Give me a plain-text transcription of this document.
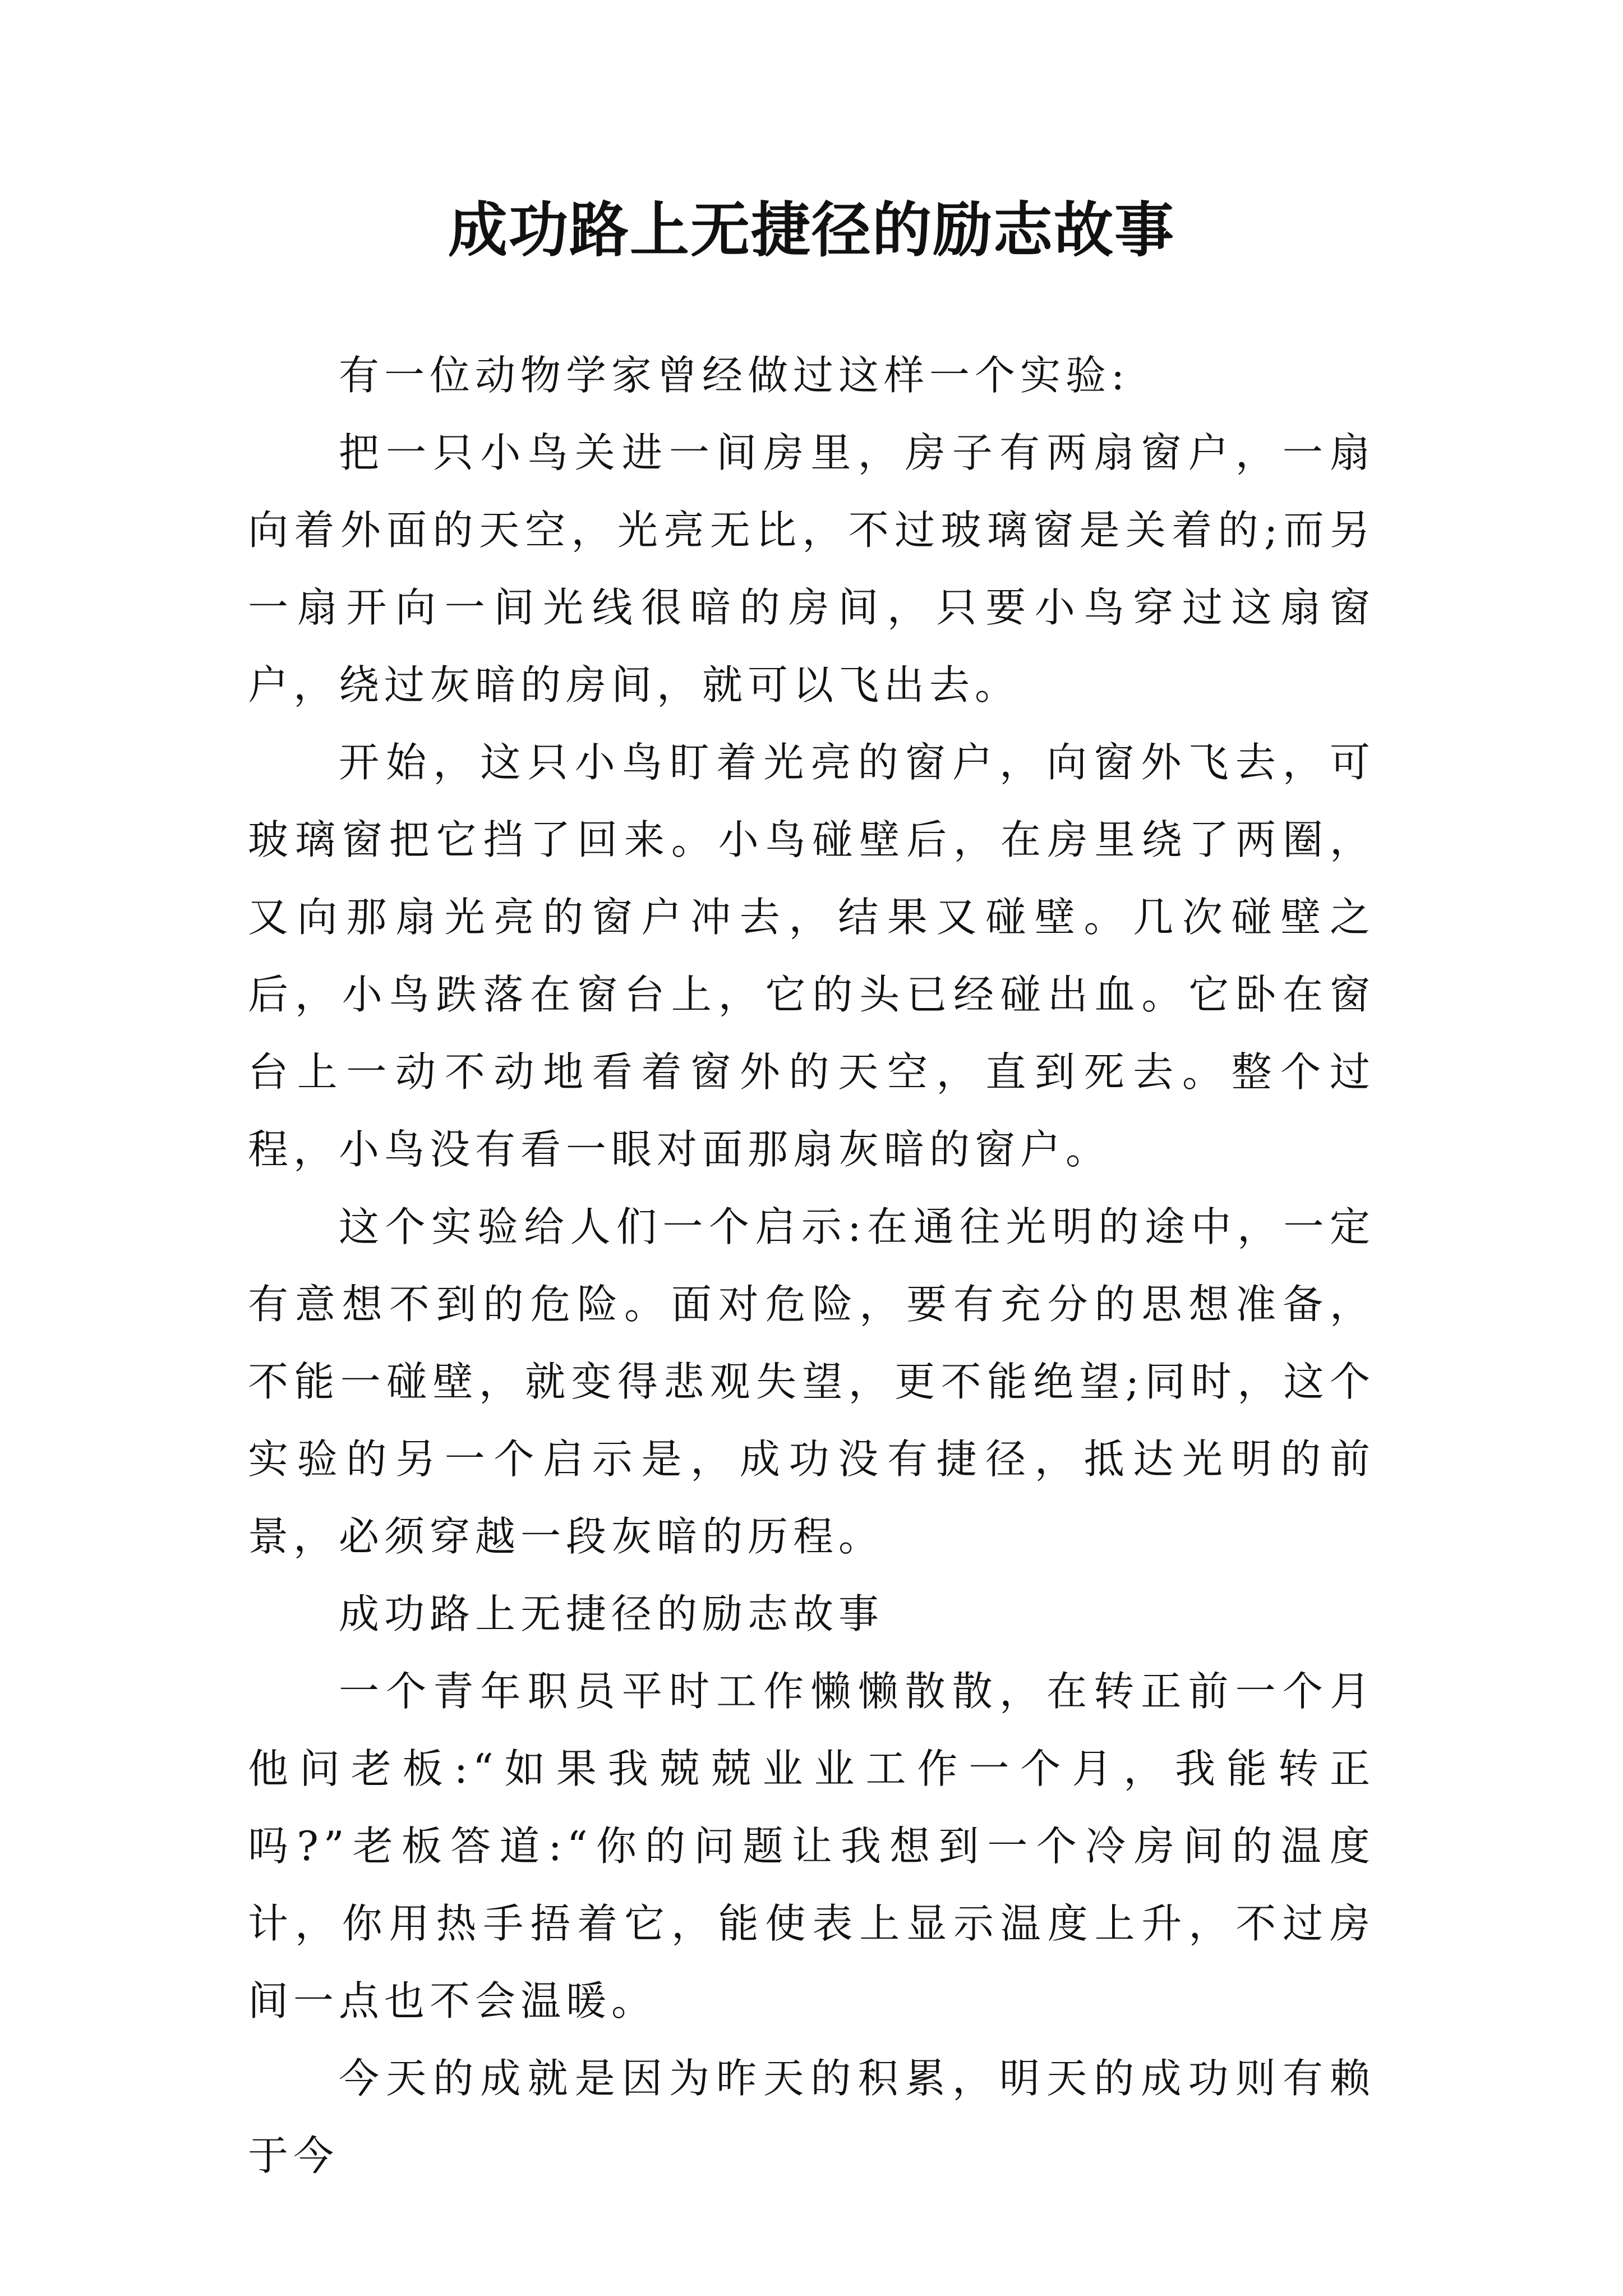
成功路上无捷径的励志故事

有一位动物学家曾经做过这样一个实验:

把一只小鸟关进一间房里，房子有两扇窗户，一扇向着外面的天空，光亮无比，不过玻璃窗是关着的;而另一扇开向一间光线很暗的房间，只要小鸟穿过这扇窗户，绕过灰暗的房间，就可以飞出去。

开始，这只小鸟盯着光亮的窗户，向窗外飞去，可玻璃窗把它挡了回来。小鸟碰壁后，在房里绕了两圈，又向那扇光亮的窗户冲去，结果又碰壁。几次碰壁之后，小鸟跌落在窗台上，它的头已经碰出血。它卧在窗台上一动不动地看着窗外的天空，直到死去。整个过程，小鸟没有看一眼对面那扇灰暗的窗户。

这个实验给人们一个启示:在通往光明的途中，一定有意想不到的危险。面对危险，要有充分的思想准备，不能一碰壁，就变得悲观失望，更不能绝望;同时，这个实验的另一个启示是，成功没有捷径，抵达光明的前景，必须穿越一段灰暗的历程。

成功路上无捷径的励志故事

一个青年职员平时工作懒懒散散，在转正前一个月他问老板:“如果我兢兢业业工作一个月，我能转正吗?”老板答道:“你的问题让我想到一个冷房间的温度计，你用热手捂着它，能使表上显示温度上升，不过房间一点也不会温暖。

今天的成就是因为昨天的积累，明天的成功则有赖于今
